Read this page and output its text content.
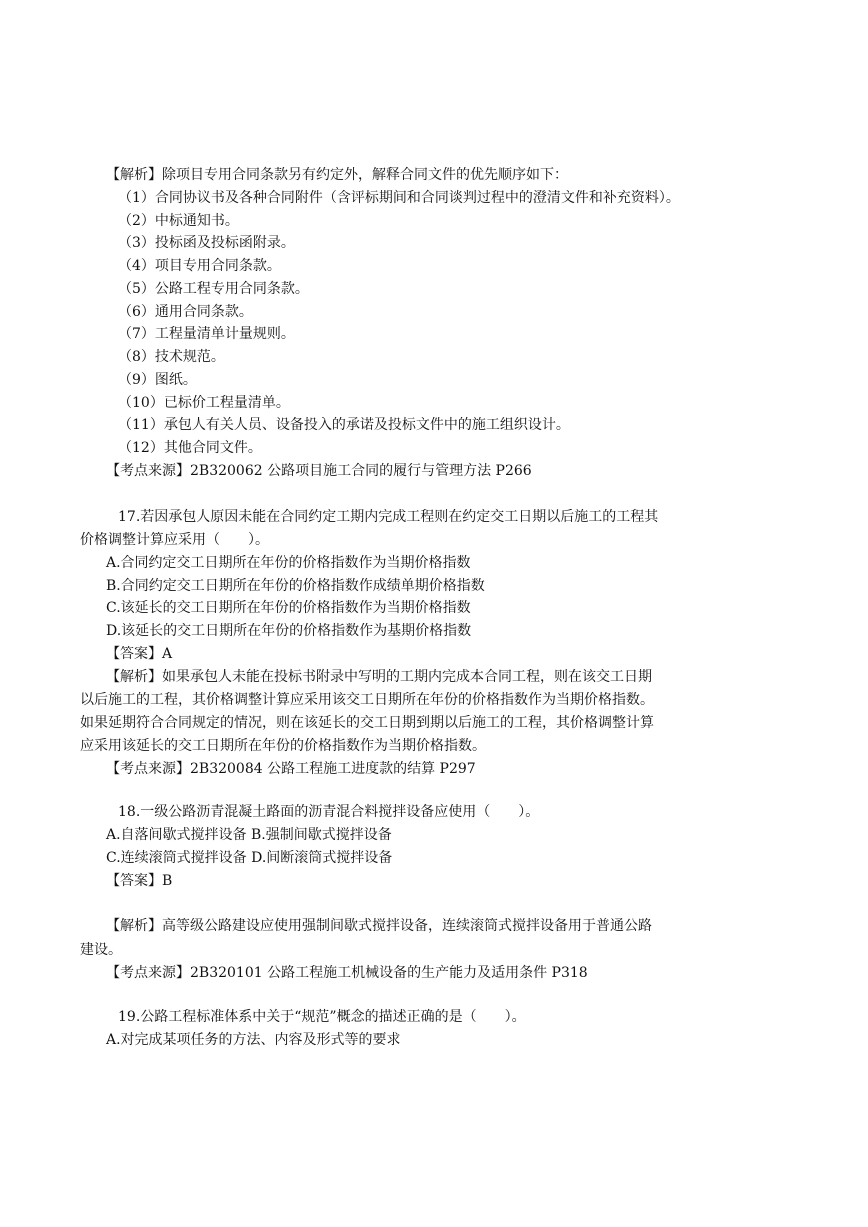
【解析】除项目专用合同条款另有约定外，解释合同文件的优先顺序如下：
（1）合同协议书及各种合同附件（含评标期间和合同谈判过程中的澄清文件和补充资料）。
（2）中标通知书。
（3）投标函及投标函附录。
（4）项目专用合同条款。
（5）公路工程专用合同条款。
（6）通用合同条款。
（7）工程量清单计量规则。
（8）技术规范。
（9）图纸。
（10）已标价工程量清单。
（11）承包人有关人员、设备投入的承诺及投标文件中的施工组织设计。
（12）其他合同文件。
【考点来源】2B320062 公路项目施工合同的履行与管理方法 P266
17.若因承包人原因未能在合同约定工期内完成工程则在约定交工日期以后施工的工程其
价格调整计算应采用（　　）。
A.合同约定交工日期所在年份的价格指数作为当期价格指数
B.合同约定交工日期所在年份的价格指数作成绩单期价格指数
C.该延长的交工日期所在年份的价格指数作为当期价格指数
D.该延长的交工日期所在年份的价格指数作为基期价格指数
【答案】A
【解析】如果承包人未能在投标书附录中写明的工期内完成本合同工程，则在该交工日期
以后施工的工程，其价格调整计算应采用该交工日期所在年份的价格指数作为当期价格指数。
如果延期符合合同规定的情况，则在该延长的交工日期到期以后施工的工程，其价格调整计算
应采用该延长的交工日期所在年份的价格指数作为当期价格指数。
【考点来源】2B320084 公路工程施工进度款的结算 P297
18.一级公路沥青混凝土路面的沥青混合料搅拌设备应使用（　　）。
A.自落间歇式搅拌设备 B.强制间歇式搅拌设备
C.连续滚筒式搅拌设备 D.间断滚筒式搅拌设备
【答案】B
【解析】高等级公路建设应使用强制间歇式搅拌设备，连续滚筒式搅拌设备用于普通公路
建设。
【考点来源】2B320101 公路工程施工机械设备的生产能力及适用条件 P318
19.公路工程标准体系中关于“规范”概念的描述正确的是（　　）。
A.对完成某项任务的方法、内容及形式等的要求
